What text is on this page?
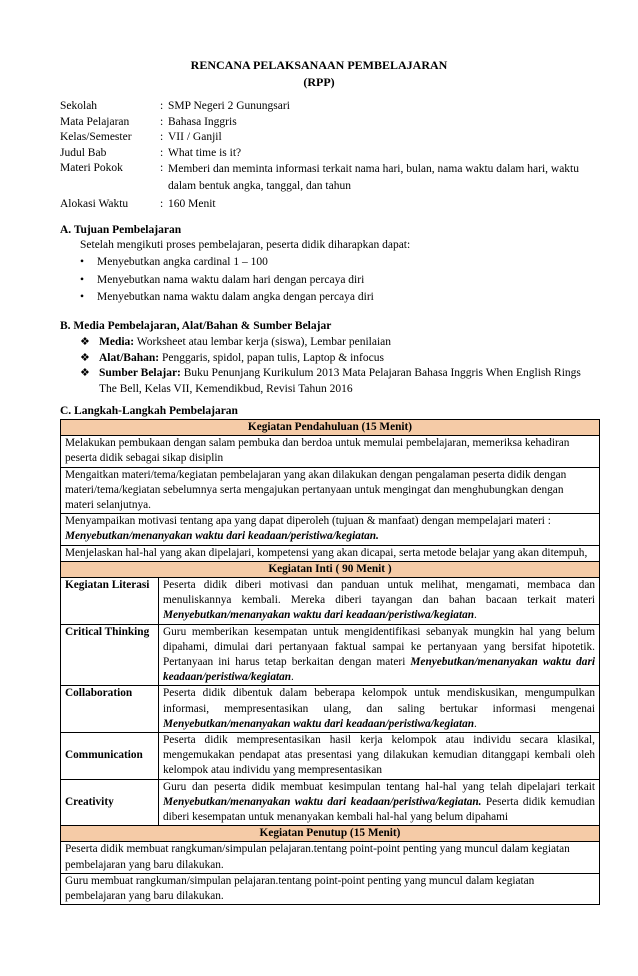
RENCANA PELAKSANAAN PEMBELAJARAN
(RPP)
Sekolah	: SMP Negeri 2 Gunungsari
Mata Pelajaran	: Bahasa Inggris
Kelas/Semester	: VII / Ganjil
Judul Bab	: What time is it?
Materi Pokok	: Memberi dan meminta informasi terkait nama hari, bulan, nama waktu dalam hari, waktu dalam bentuk angka, tanggal, dan tahun
Alokasi Waktu	: 160 Menit
A. Tujuan Pembelajaran
Setelah mengikuti proses pembelajaran, peserta didik diharapkan dapat:
•	Menyebutkan angka cardinal 1 – 100
•	Menyebutkan nama waktu dalam hari dengan percaya diri
•	Menyebutkan nama waktu dalam angka dengan percaya diri
B. Media Pembelajaran, Alat/Bahan & Sumber Belajar
❖ Media: Worksheet atau lembar kerja (siswa), Lembar penilaian
❖ Alat/Bahan: Penggaris, spidol, papan tulis, Laptop & infocus
❖ Sumber Belajar: Buku Penunjang Kurikulum 2013 Mata Pelajaran Bahasa Inggris When English Rings The Bell, Kelas VII, Kemendikbud, Revisi Tahun 2016
C. Langkah-Langkah Pembelajaran
Kegiatan Pendahuluan (15 Menit)	
Melakukan pembukaan dengan salam pembuka dan berdoa untuk memulai pembelajaran, memeriksa kehadiran peserta didik sebagai sikap disiplin	
Mengaitkan materi/tema/kegiatan pembelajaran yang akan dilakukan dengan pengalaman peserta didik dengan materi/tema/kegiatan sebelumnya serta mengajukan pertanyaan untuk mengingat dan menghubungkan dengan materi selanjutnya.	
Menyampaikan motivasi tentang apa yang dapat diperoleh (tujuan & manfaat) dengan mempelajari materi :
Menyebutkan/menanyakan waktu dari keadaan/peristiwa/kegiatan.	
Menjelaskan hal-hal yang akan dipelajari, kompetensi yang akan dicapai, serta metode belajar yang akan ditempuh,	
Kegiatan Inti ( 90 Menit )	
Kegiatan Literasi	Peserta didik diberi motivasi dan panduan untuk melihat, mengamati, membaca dan menuliskannya kembali. Mereka diberi tayangan dan bahan bacaan terkait materi Menyebutkan/menanyakan waktu dari keadaan/peristiwa/kegiatan.
Critical Thinking	Guru memberikan kesempatan untuk mengidentifikasi sebanyak mungkin hal yang belum dipahami, dimulai dari pertanyaan faktual sampai ke pertanyaan yang bersifat hipotetik. Pertanyaan ini harus tetap berkaitan dengan materi Menyebutkan/menanyakan waktu dari keadaan/peristiwa/kegiatan.
Collaboration	Peserta didik dibentuk dalam beberapa kelompok untuk mendiskusikan, mengumpulkan informasi, mempresentasikan ulang, dan saling bertukar informasi mengenai Menyebutkan/menanyakan waktu dari keadaan/peristiwa/kegiatan.
Communication	Peserta didik mempresentasikan hasil kerja kelompok atau individu secara klasikal, mengemukakan pendapat atas presentasi yang dilakukan kemudian ditanggapi kembali oleh kelompok atau individu yang mempresentasikan
Creativity	Guru dan peserta didik membuat kesimpulan tentang hal-hal yang telah dipelajari terkait Menyebutkan/menanyakan waktu dari keadaan/peristiwa/kegiatan. Peserta didik kemudian diberi kesempatan untuk menanyakan kembali hal-hal yang belum dipahami
Kegiatan Penutup (15 Menit)	
Peserta didik membuat rangkuman/simpulan pelajaran.tentang point-point penting yang muncul dalam kegiatan pembelajaran yang baru dilakukan.	
Guru membuat rangkuman/simpulan pelajaran.tentang point-point penting yang muncul dalam kegiatan pembelajaran yang baru dilakukan.	
